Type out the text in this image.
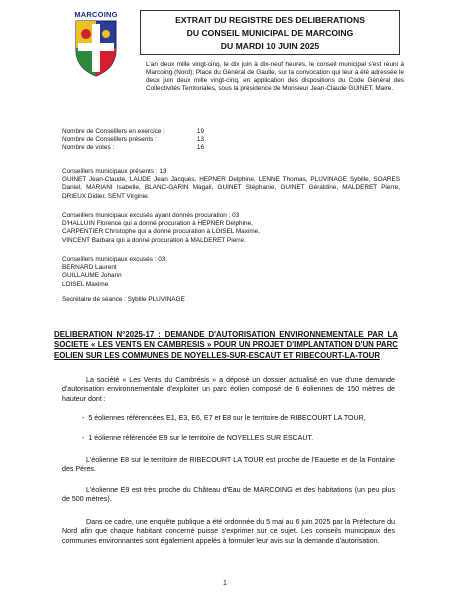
MARCOING
EXTRAIT DU REGISTRE DES DELIBERATIONS
DU CONSEIL MUNICIPAL DE MARCOING
DU MARDI 10 JUIN 2025
L'an deux mille vingt-cinq, le dix juin à dix-neuf heures, le conseil municipal s'est réuni à Marcoing (Nord), Place du Général de Gaulle, sur la convocation qui leur a été adressée le deux juin deux mille vingt-cinq, en application des dispositions du Code Général des Collectivités Territoriales, sous la présidence de Monsieur Jean-Claude GUINET, Maire.
Nombre de Conseillers en exercice :	19
Nombre de Conseillers présents :	13
Nombre de votes :	16
Conseillers municipaux présents : 13
GUINET Jean-Claude, LAUDE Jean Jacques, HEPNER Delphine, LENNE Thomas, PLUVINAGE Sybille, SOARES Daniel, MARIANI Isabelle, BLANC-GARIN Magali, GUINET Stéphanie, GUINET Géraldine, MALDERET Pierre, DRIEUX Didier, SENT Virginie.
Conseillers municipaux excusés ayant donnés procuration : 03
D'HALLUIN Florence qui a donné procuration à HEPNER Delphine,
CARPENTIER Christophe qui a donné procuration à LOISEL Maxime,
VINCENT Barbara qui a donné procuration à MALDERET Pierre.
Conseillers municipaux excusés : 03
BERNARD Laurent
GUILLAUME Johann
LOISEL Maxime
Secrétaire de séance : Sybille PLUVINAGE
DELIBERATION N°2025-17 : DEMANDE D'AUTORISATION ENVIRONNEMENTALE PAR LA SOCIETE « LES VENTS EN CAMBRESIS » POUR UN PROJET D'IMPLANTATION D'UN PARC EOLIEN SUR LES COMMUNES DE NOYELLES-SUR-ESCAUT ET RIBECOURT-LA-TOUR
La société « Les Vents du Cambrésis » a déposé un dossier actualisé en vue d'une demande d'autorisation environnementale d'exploiter un parc éolien composé de 6 éoliennes de 150 mètres de hauteur dont :
-  5 éoliennes référencées E1, E3, E6, E7 et E8 sur le territoire de RIBECOURT LA TOUR,
-  1 éolienne référencée E9 sur le territoire de NOYELLES SUR ESCAUT.
L'éolienne E8 sur le territoire de RIBECOURT LA TOUR est proche de l'Eauette et de la Fontaine des Pères.
L'éolienne E9 est très proche du Château d'Eau de MARCOING et des habitations (un peu plus de 500 mètres).
Dans ce cadre, une enquête publique a été ordonnée du 5 mai au 6 juin 2025 par la Préfecture du Nord afin que chaque habitant concerné puisse s'exprimer sur ce sujet. Les conseils municipaux des communes environnantes sont également appelés à formuler leur avis sur la demande d'autorisation.
1
